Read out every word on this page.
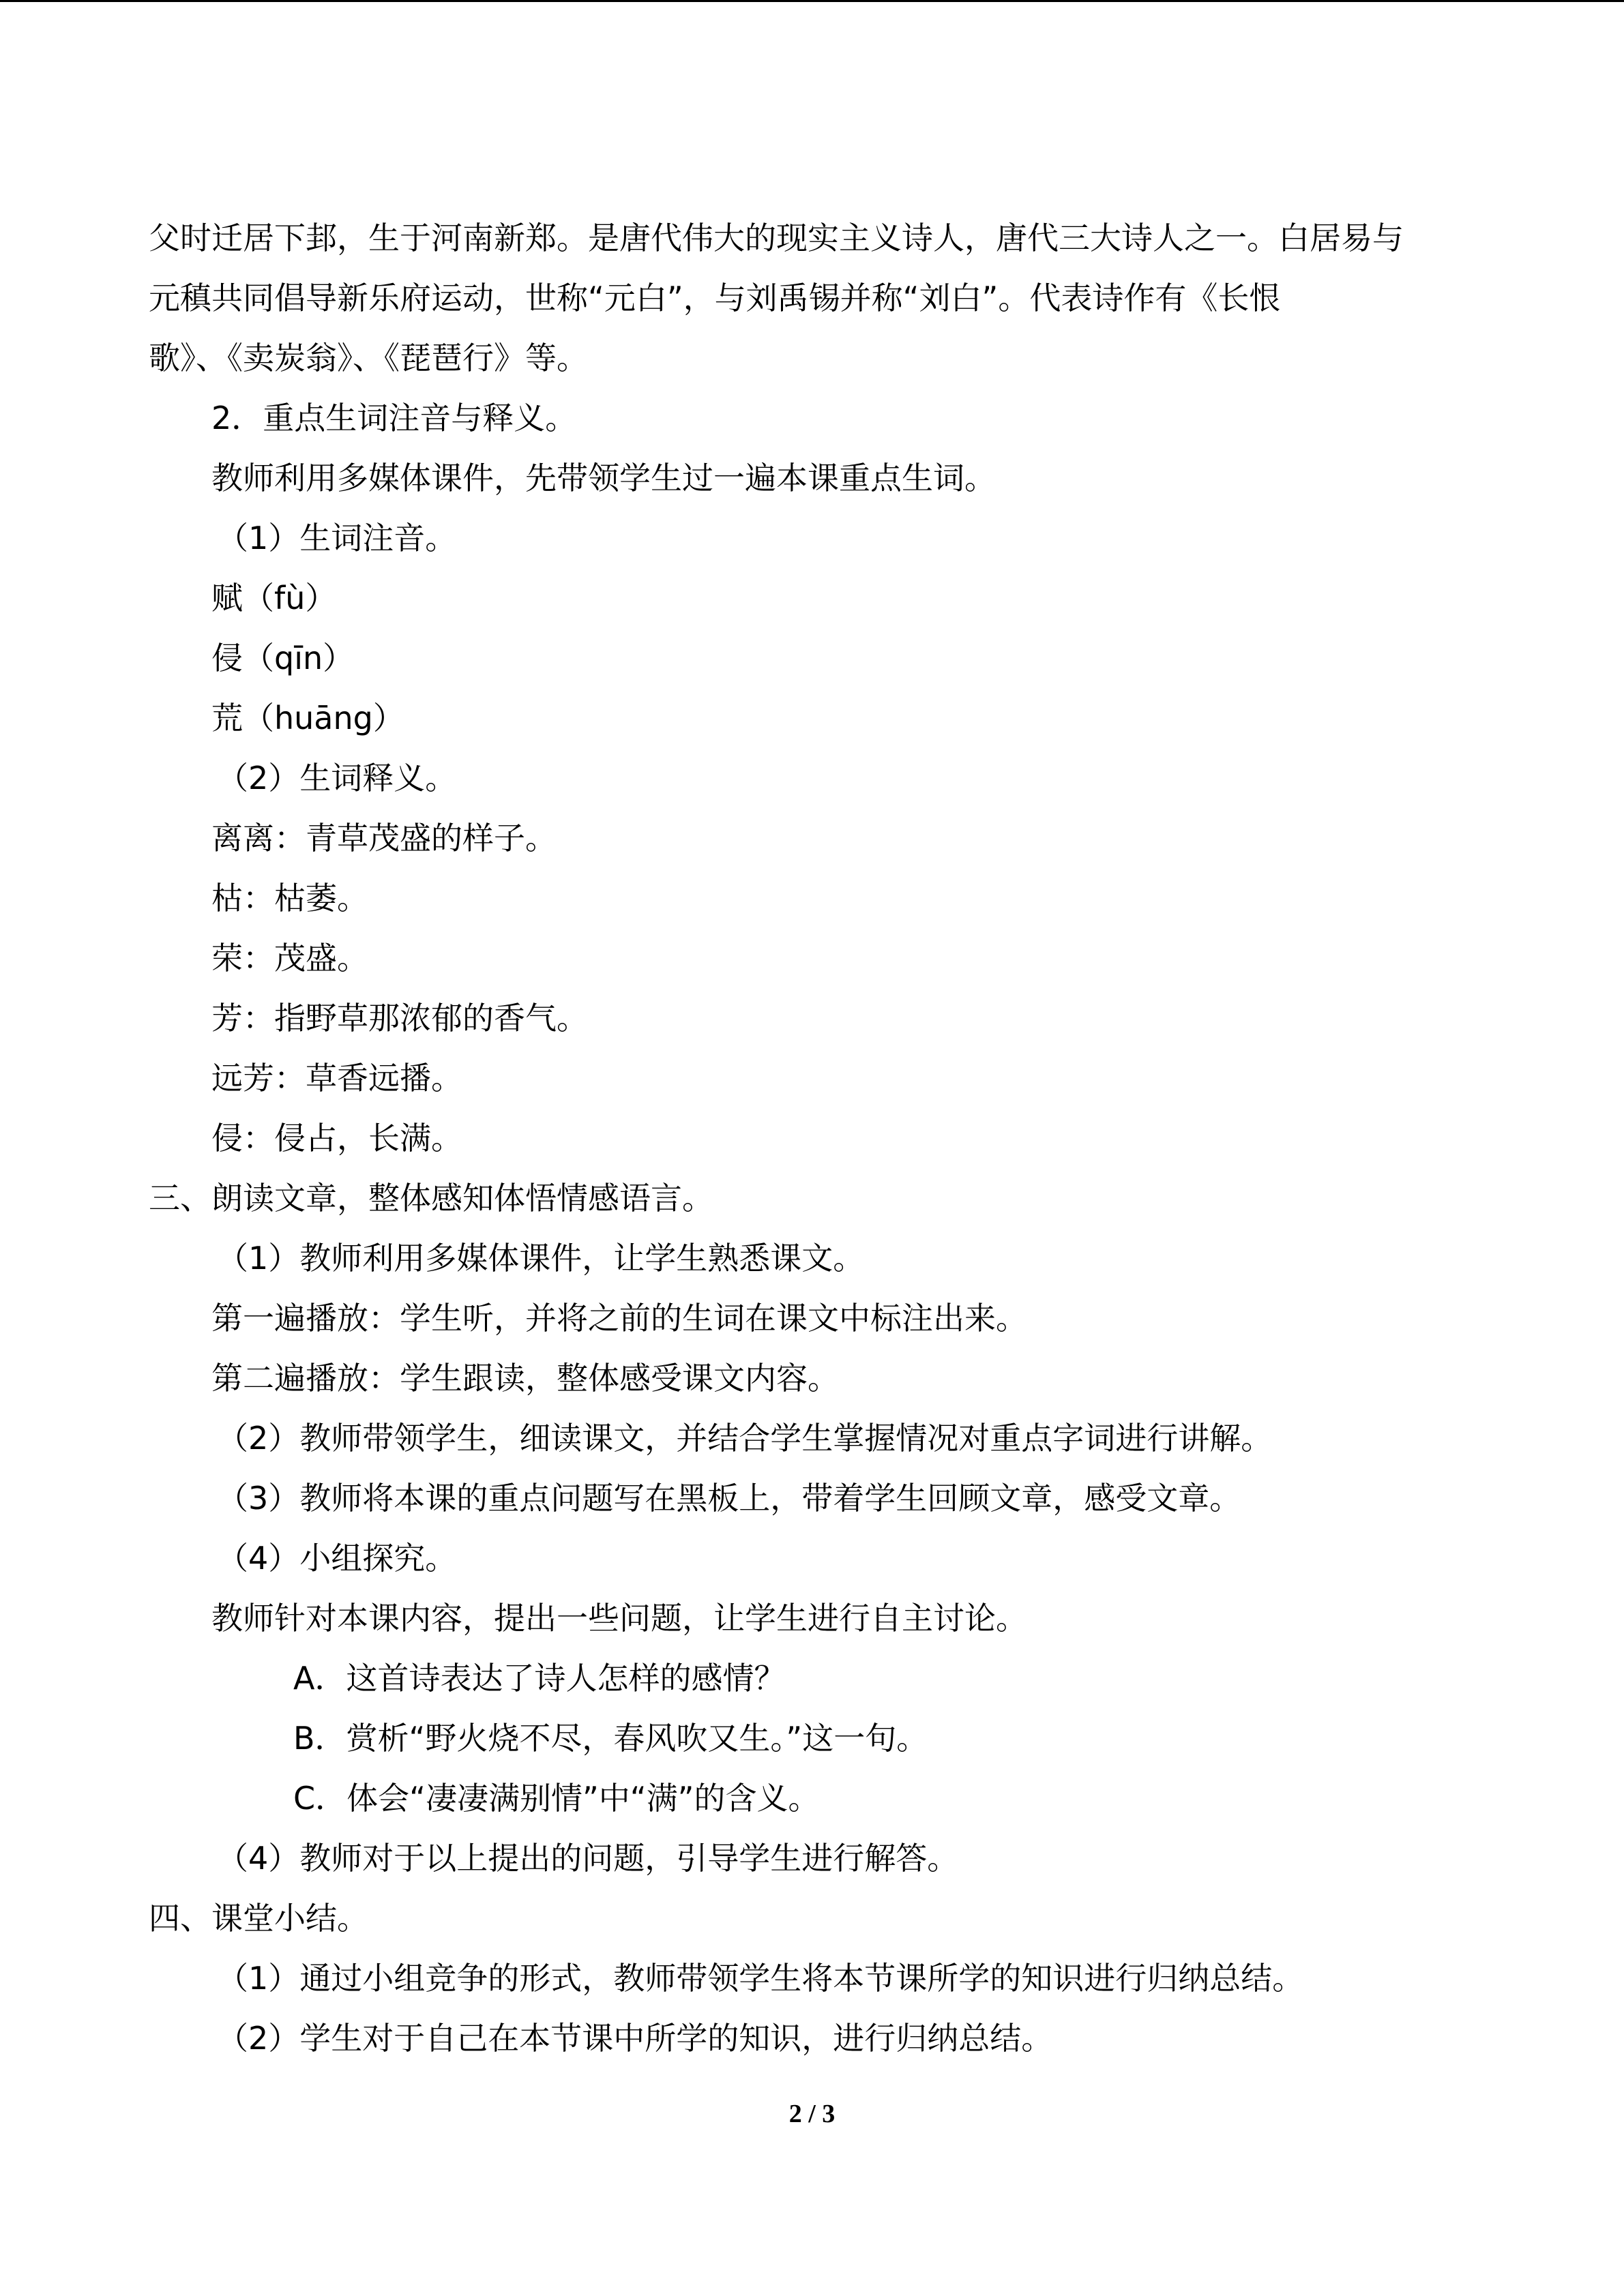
父时迁居下邽，生于河南新郑。是唐代伟大的现实主义诗人，唐代三大诗人之一。白居易与
元稹共同倡导新乐府运动，世称“元白”，与刘禹锡并称“刘白”。代表诗作有《长恨
歌》、《卖炭翁》、《琵琶行》等。
2．重点生词注音与释义。
教师利用多媒体课件，先带领学生过一遍本课重点生词。
（1）生词注音。
赋（fù）
侵（qīn）
荒（huāng）
（2）生词释义。
离离：青草茂盛的样子。
枯：枯萎。
荣：茂盛。
芳：指野草那浓郁的香气。
远芳：草香远播。
侵：侵占，长满。
三、朗读文章，整体感知体悟情感语言。
（1）教师利用多媒体课件，让学生熟悉课文。
第一遍播放：学生听，并将之前的生词在课文中标注出来。
第二遍播放：学生跟读，整体感受课文内容。
（2）教师带领学生，细读课文，并结合学生掌握情况对重点字词进行讲解。
（3）教师将本课的重点问题写在黑板上，带着学生回顾文章，感受文章。
（4）小组探究。
教师针对本课内容，提出一些问题，让学生进行自主讨论。
A．这首诗表达了诗人怎样的感情？
B．赏析“野火烧不尽，春风吹又生。”这一句。
C．体会“凄凄满别情”中“满”的含义。
（4）教师对于以上提出的问题，引导学生进行解答。
四、课堂小结。
（1）通过小组竞争的形式，教师带领学生将本节课所学的知识进行归纳总结。
（2）学生对于自己在本节课中所学的知识，进行归纳总结。
2 / 3
